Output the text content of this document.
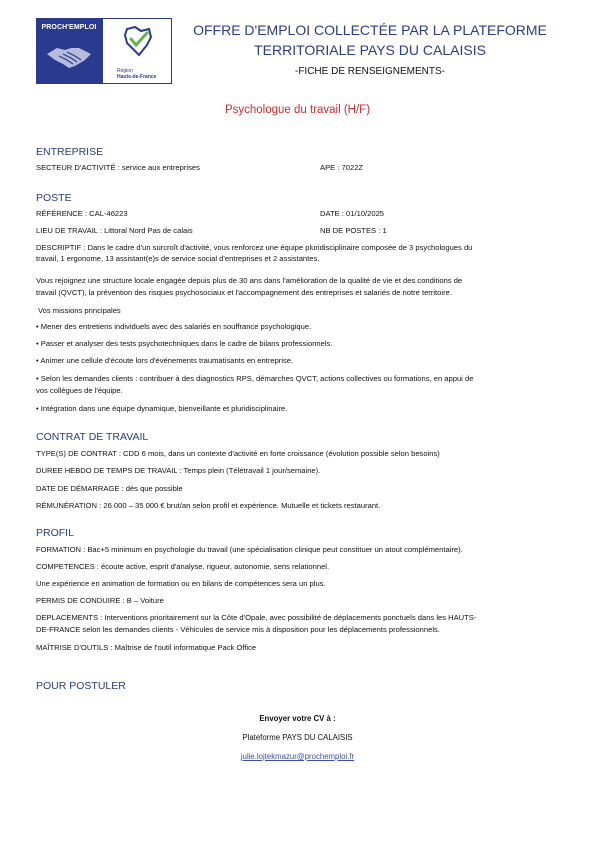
PROCH'EMPLOI
Région
Hauts-de-France
OFFRE D'EMPLOI COLLECTÉE PAR LA PLATEFORME
TERRITORIALE PAYS DU CALAISIS
-FICHE DE RENSEIGNEMENTS-
Psychologue du travail (H/F)
ENTREPRISE
SECTEUR D'ACTIVITÉ : service aux entreprises	APE : 7022Z
POSTE
RÉFÉRENCE : CAL-46223	DATE : 01/10/2025
LIEU DE TRAVAIL : Littoral Nord Pas de calais	NB DE POSTES : 1
DESCRIPTIF : Dans le cadre d'un surcroît d'activité, vous renforcez une équipe pluridisciplinaire composée de 3 psychologues du
travail, 1 ergonome, 13 assistant(e)s de service social d'entreprises et 2 assistantes.
Vous rejoignez une structure locale engagée depuis plus de 30 ans dans l'amélioration de la qualité de vie et des conditions de
travail (QVCT), la prévention des risques psychosociaux et l'accompagnement des entreprises et salariés de notre territoire.
Vos missions principales
• Mener des entretiens individuels avec des salariés en souffrance psychologique.
• Passer et analyser des tests psychotechniques dans le cadre de bilans professionnels.
• Animer une cellule d'écoute lors d'événements traumatisants en entreprise.
• Selon les demandes clients : contribuer à des diagnostics RPS, démarches QVCT, actions collectives ou formations, en appui de
vos collègues de l'équipe.
• Intégration dans une équipe dynamique, bienveillante et pluridisciplinaire.
CONTRAT DE TRAVAIL
TYPE(S) DE CONTRAT : CDD 6 mois, dans un contexte d'activité en forte croissance (évolution possible selon besoins)
DUREE HEBDO DE TEMPS DE TRAVAIL : Temps plein (Télétravail 1 jour/semaine).
DATE DE DÉMARRAGE : dès que possible
RÉMUNÉRATION : 26 000 – 35 000 € brut/an selon profil et expérience. Mutuelle et tickets restaurant.
PROFIL
FORMATION : Bac+5 minimum en psychologie du travail (une spécialisation clinique peut constituer un atout complémentaire).
COMPETENCES : écoute active, esprit d'analyse, rigueur, autonomie, sens relationnel.
Une expérience en animation de formation ou en bilans de compétences sera un plus.
PERMIS DE CONDUIRE : B – Voiture
DEPLACEMENTS : Interventions prioritairement sur la Côte d'Opale, avec possibilité de déplacements ponctuels dans les HAUTS-
DE-FRANCE selon les demandes clients - Véhicules de service mis à disposition pour les déplacements professionnels.
MAÎTRISE D'OUTILS : Maîtrise de l'outil informatique Pack Office
POUR POSTULER
Envoyer votre CV à :
Plateforme PAYS DU CALAISIS
julie.lojtekmazur@prochemploi.fr
